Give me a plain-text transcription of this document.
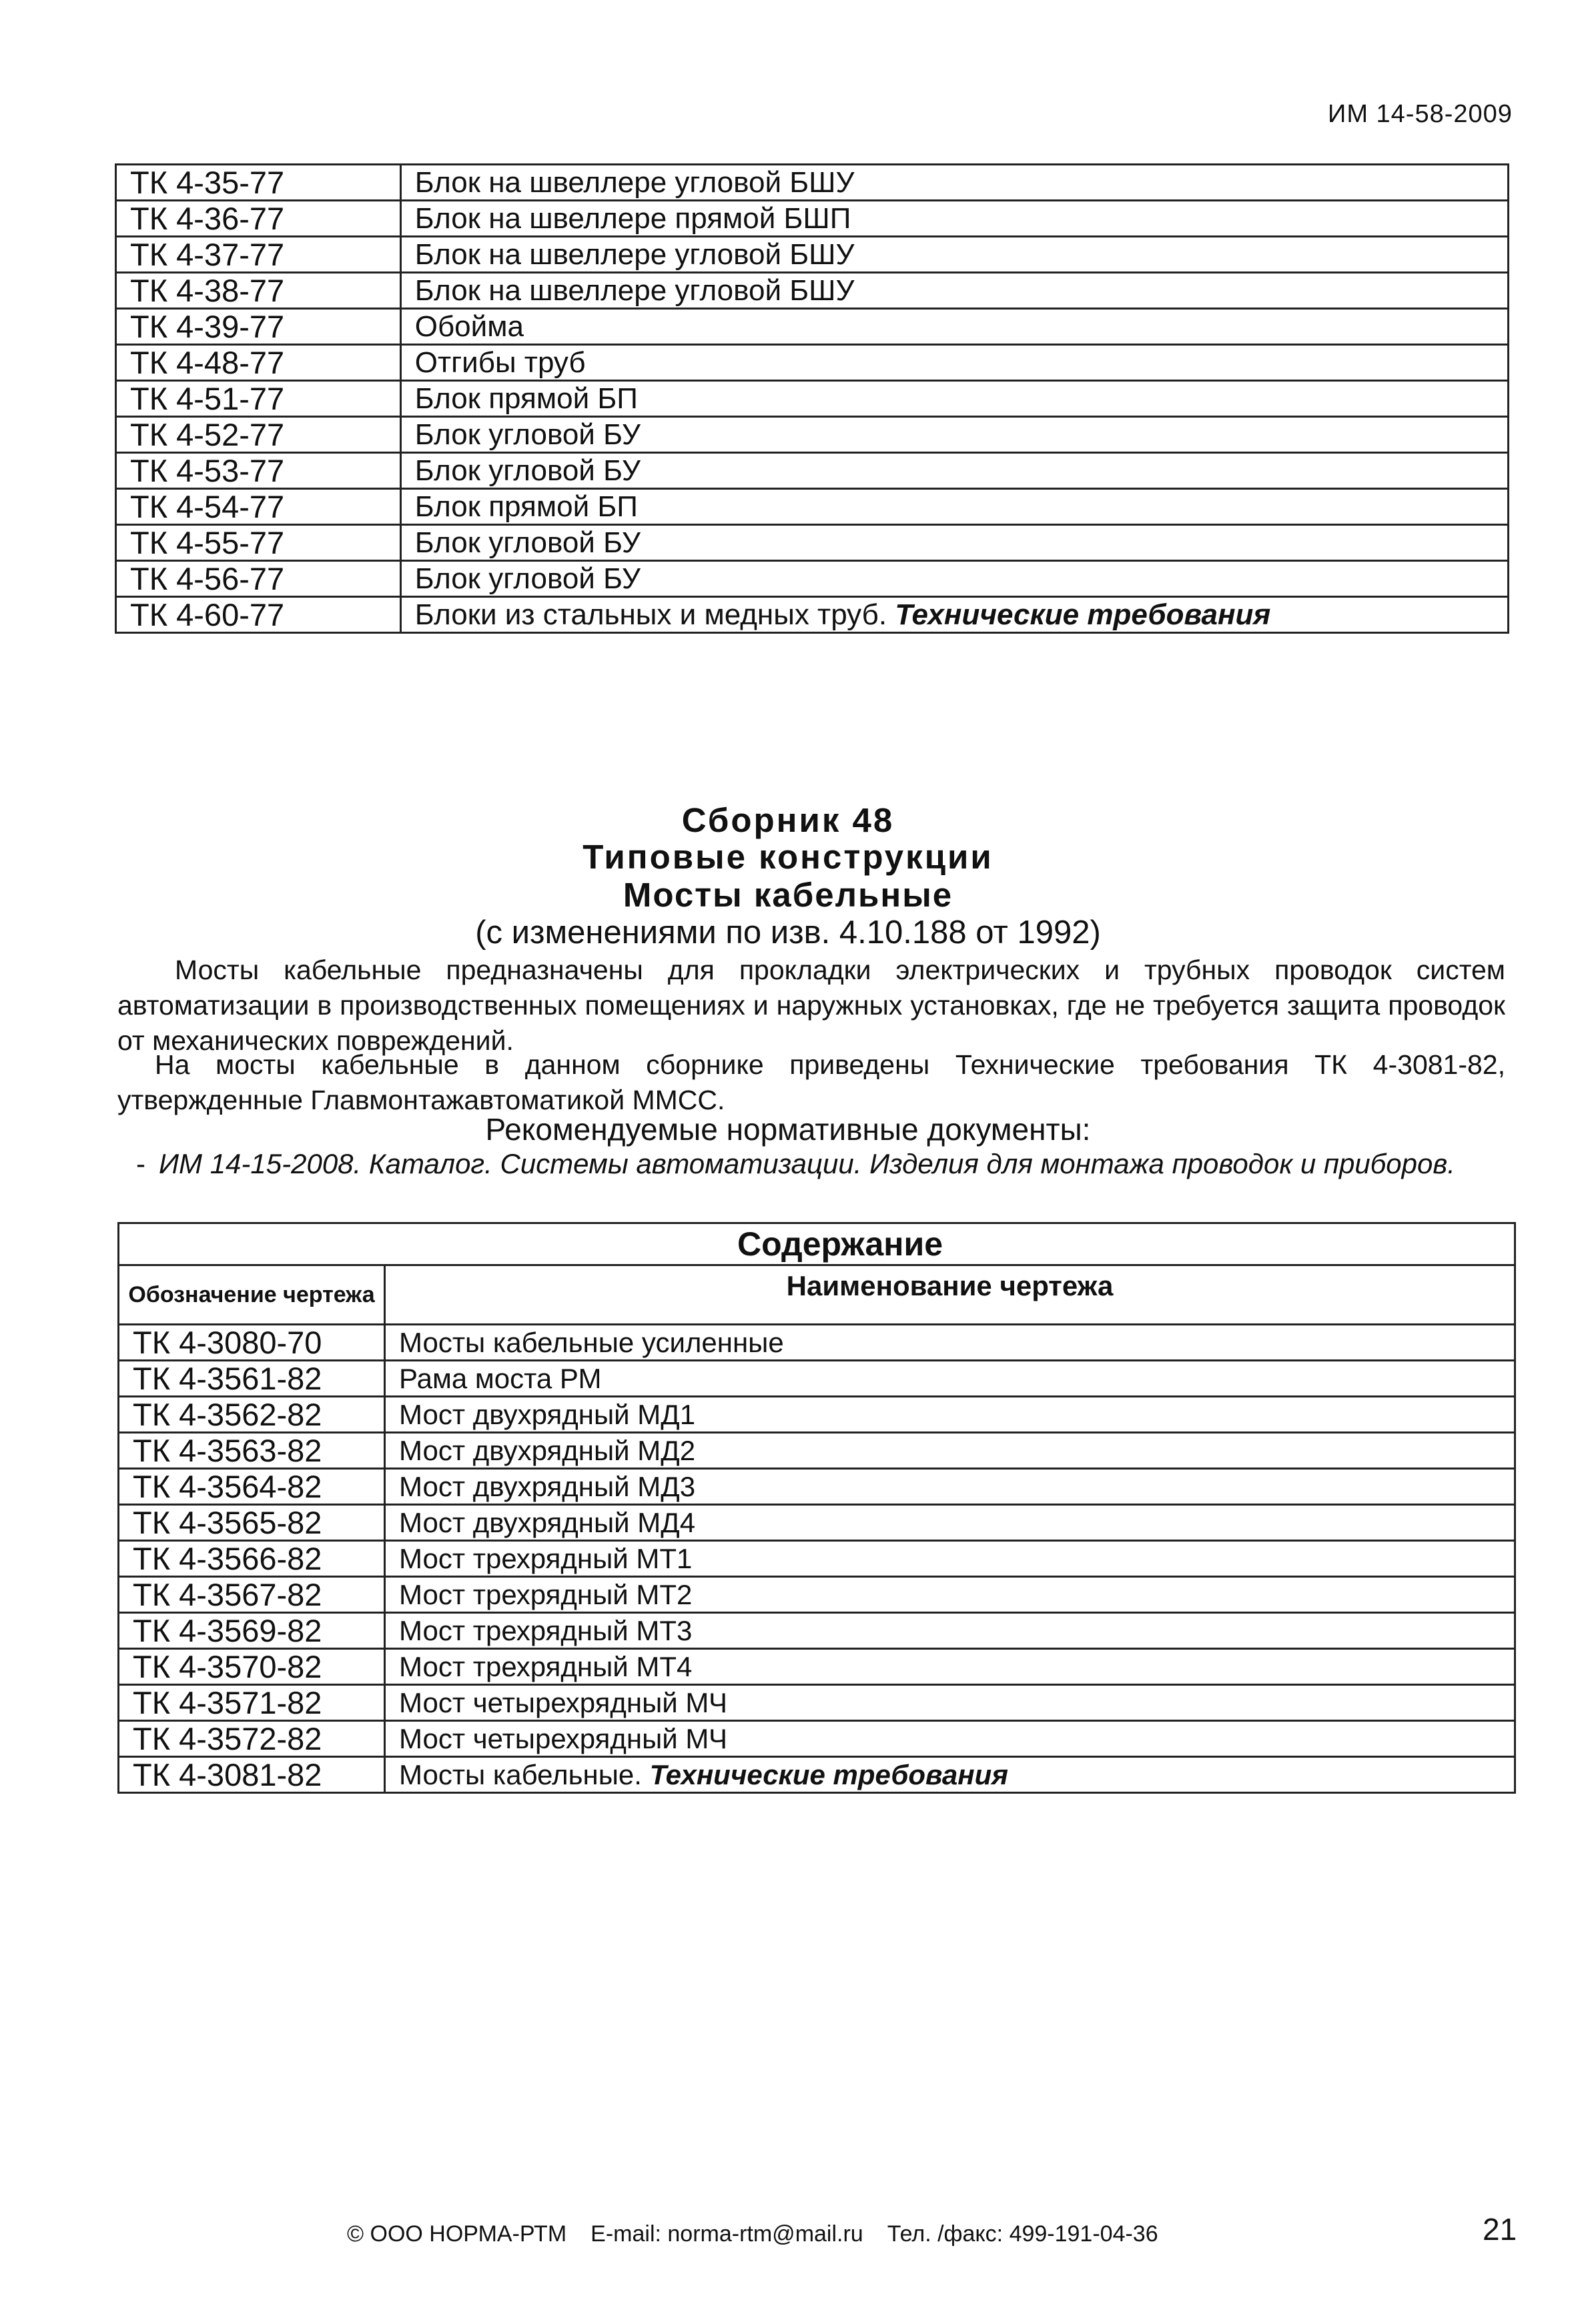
ИМ 14-58-2009
ТК 4-35-77	Блок на швеллере угловой БШУ
ТК 4-36-77	Блок на швеллере прямой БШП
ТК 4-37-77	Блок на швеллере угловой БШУ
ТК 4-38-77	Блок на швеллере угловой БШУ
ТК 4-39-77	Обойма
ТК 4-48-77	Отгибы труб
ТК 4-51-77	Блок прямой БП
ТК 4-52-77	Блок угловой БУ
ТК 4-53-77	Блок угловой БУ
ТК 4-54-77	Блок прямой БП
ТК 4-55-77	Блок угловой БУ
ТК 4-56-77	Блок угловой БУ
ТК 4-60-77	Блоки из стальных и медных труб. Технические требования
Сборник 48
Типовые конструкции
Мосты кабельные
(с изменениями по изв. 4.10.188 от 1992)
Мосты кабельные предназначены для прокладки электрических и трубных проводок систем автоматизации в производственных помещениях и наружных установках, где не требуется защита проводок от механических повреждений.
На мосты кабельные в данном сборнике приведены Технические требования ТК 4-3081-82, утвержденные Главмонтажавтоматикой ММСС.
Рекомендуемые нормативные документы:
- ИМ 14-15-2008. Каталог. Системы автоматизации. Изделия для монтажа проводок и приборов.
Содержание	
Обозначение чертежа	Наименование чертежа
ТК 4-3080-70	Мосты кабельные усиленные
ТК 4-3561-82	Рама моста РМ
ТК 4-3562-82	Мост двухрядный МД1
ТК 4-3563-82	Мост двухрядный МД2
ТК 4-3564-82	Мост двухрядный МД3
ТК 4-3565-82	Мост двухрядный МД4
ТК 4-3566-82	Мост трехрядный МТ1
ТК 4-3567-82	Мост трехрядный МТ2
ТК 4-3569-82	Мост трехрядный МТ3
ТК 4-3570-82	Мост трехрядный МТ4
ТК 4-3571-82	Мост четырехрядный МЧ
ТК 4-3572-82	Мост четырехрядный МЧ
ТК 4-3081-82	Мосты кабельные. Технические требования
© ООО НОРМА-РТМ E-mail: norma-rtm@mail.ru Тел. /факс: 499-191-04-36	21
